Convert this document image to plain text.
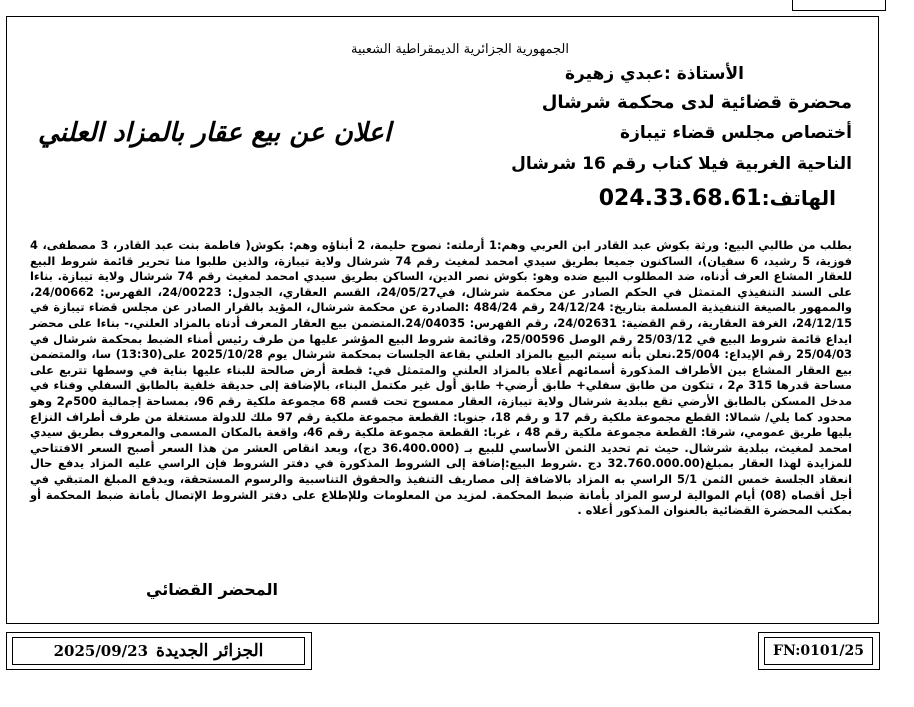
الجمهورية الجزائرية الديمقراطية الشعبية
الأستاذة :عبدي زهيرة
محضرة قضائية لدى محكمة شرشال
أختصاص مجلس قضاء تيبازة
الناحية الغربية فيلا كناب رقم 16 شرشال
الهاتف:024.33.68.61
اعلان عن بيع عقار بالمزاد العلني

بطلب من طالبي البيع: ورثة بكوش عبد القادر ابن العربي وهم:1 أرملته: نصوح حليمة، 2 أبناؤه وهم: بكوش( فاطمة بنت عبد القادر، 3 مصطفى، 4 فوزية، 5 رشيد، 6 سفيان)، الساكنون جميعا بطريق سيدي امحمد لمغيث رقم 74 شرشال ولاية تيبازة، والذين طلبوا منا تحرير قائمة شروط البيع للعقار المشاع العرف أدناه، ضد المطلوب البيع ضده وهو: بكوش نصر الدين، الساكن بطريق سيدي امحمد لمغيث رقم 74 شرشال ولاية تيبازة. بناءا على السند التنفيذي المتمثل في الحكم الصادر عن محكمة شرشال، في24/05/27، القسم العقاري، الجدول: 24/00223، الفهرس: 24/00662، والممهور بالصيغة التنفيذية المسلمة بتاريخ: 24/12/24 رقم 484/24 :الصادرة عن محكمة شرشال، المؤيد بالقرار الصادر عن مجلس قضاء تيبازة في 24/12/15، الغرفة العقارية، رقم القضية: 24/02631، رقم الفهرس: 24/04035.المتضمن بيع العقار المعرف أدناه بالمزاد العلني،- بناءا على محضر ايداع قائمة شروط البيع في 25/03/12 رقم الوصل 25/00596، وقائمة شروط البيع المؤشر عليها من طرف رئيس أمناء الضبط بمحكمة شرشال في 25/04/03 رقم الإيداع: 25/004.نعلن بأنه سيتم البيع بالمزاد العلني بقاعة الجلسات بمحكمة شرشال يوم 2025/10/28 على(13:30) سا، والمتضمن بيع العقار المشاع بين الأطراف المذكورة أسمائهم أعلاه بالمزاد العلني والمتمثل في: قطعة أرض صالحة للبناء عليها بناية في وسطها تتربع على مساحة قدرها 315 م2 ، تتكون من طابق سفلي+ طابق أرضي+ طابق أول غير مكتمل البناء، بالإضافة إلى حديقة خلفية بالطابق السفلي وفناء في مدخل المسكن بالطابق الأرضي تقع ببلدية شرشال ولاية تيبازة، العقار ممسوح تحت قسم 68 مجموعة ملكية رقم 96، بمساحة إجمالية 500م2 وهو محدود كما يلي/ شمالا: القطع مجموعة ملكية رقم 17 و رقم 18، جنوبا: القطعة مجموعة ملكية رقم 97 ملك للدولة مستغلة من طرف أطراف النزاع يليها طريق عمومي، شرقا: القطعة مجموعة ملكية رقم 48 ، غربا: القطعة مجموعة ملكية رقم 46، واقعة بالمكان المسمى والمعروف بطريق سيدي امحمد لمغيث، ببلدية شرشال. حيث تم تحديد الثمن الأساسي للبيع بـ (36.400.000 دج)، وبعد انقاص العشر من هذا السعر أصبح السعر الافتتاحي للمزايدة لهذا العقار بمبلغ(32.760.000.00 دج .شروط البيع:إضافة إلى الشروط المذكورة في دفتر الشروط فإن الراسي عليه المزاد يدفع حال انعقاد الجلسة خمس الثمن 5/1 الراسي به المزاد بالاضافة إلى مصاريف التنفيذ والحقوق التناسبية والرسوم المستحقة، ويدفع المبلغ المتبقي في أجل أقصاه (08) أيام الموالية لرسو المزاد بأمانة ضبط المحكمة. لمزيد من المعلومات وللإطلاع على دفتر الشروط الإتصال بأمانة ضبط المحكمة أو بمكتب المحضرة القضائية بالعنوان المذكور أعلاه .

المحضر القضائي
2025/09/23 الجزائر الجديدة	FN:0101/25
